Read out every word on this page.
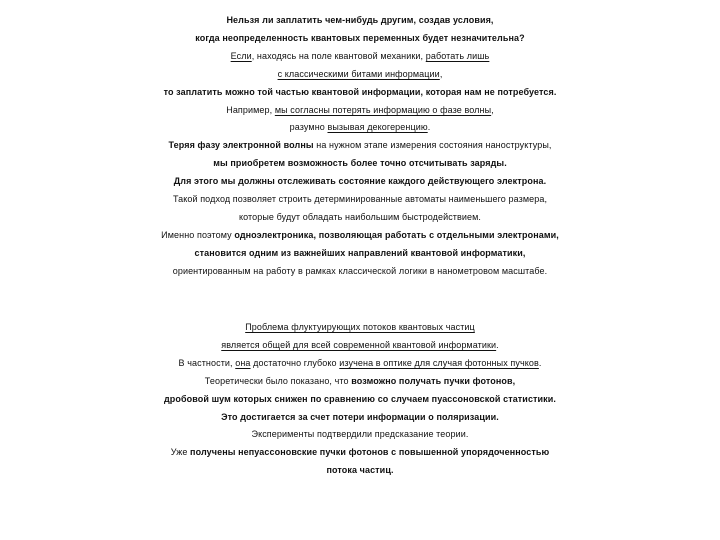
Нельзя ли заплатить чем-нибудь другим, создав условия,
когда неопределенность квантовых переменных будет незначительна?
Если, находясь на поле квантовой механики, работать лишь
с классическими битами информации,
то заплатить можно той частью квантовой информации, которая нам не потребуется.
Например, мы согласны потерять информацию о фазе волны,
разумно вызывая декогеренцию.
Теряя фазу электронной волны на нужном этапе измерения состояния наноструктуры,
мы приобретем возможность более точно отсчитывать заряды.
Для этого мы должны отслеживать состояние каждого действующего электрона.
Такой подход позволяет строить детерминированные автоматы наименьшего размера,
которые будут обладать наибольшим быстродействием.
Именно поэтому одноэлектроника, позволяющая работать с отдельными электронами,
становится одним из важнейших направлений квантовой информатики,
ориентированным на работу в рамках классической логики в нанометровом масштабе.
Проблема флуктуирующих потоков квантовых частиц
является общей для всей современной квантовой информатики.
В частности, она достаточно глубоко изучена в оптике для случая фотонных пучков.
Теоретически было показано, что возможно получать пучки фотонов,
дробовой шум которых снижен по сравнению со случаем пуассоновской статистики.
Это достигается за счет потери информации о поляризации.
Эксперименты подтвердили предсказание теории.
Уже получены непуассоновские пучки фотонов с повышенной упорядоченностью
потока частиц.
